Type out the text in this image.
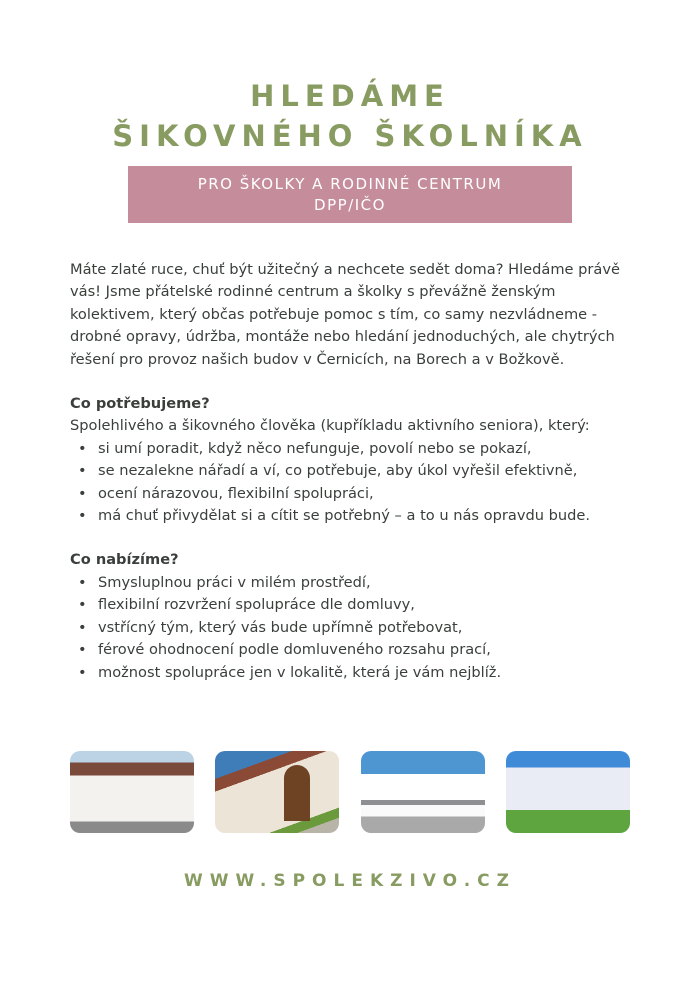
HLEDÁME
ŠIKOVNÉHO ŠKOLNÍKA
PRO ŠKOLKY A RODINNÉ CENTRUM
DPP/IČO

Máte zlaté ruce, chuť být užitečný a nechcete sedět doma? Hledáme právě vás! Jsme přátelské rodinné centrum a školky s převážně ženským kolektivem, který občas potřebuje pomoc s tím, co samy nezvládneme - drobné opravy, údržba, montáže nebo hledání jednoduchých, ale chytrých řešení pro provoz našich budov v Černicích, na Borech a v Božkově.

Co potřebujeme?

Spolehlivého a šikovného člověka (kupříkladu aktivního seniora), který:

• si umí poradit, když něco nefunguje, povolí nebo se pokazí,
• se nezalekne nářadí a ví, co potřebuje, aby úkol vyřešil efektivně,
• ocení nárazovou, flexibilní spolupráci,
• má chuť přivydělat si a cítit se potřebný – a to u nás opravdu bude.

Co nabízíme?

• Smysluplnou práci v milém prostředí,
• flexibilní rozvržení spolupráce dle domluvy,
• vstřícný tým, který vás bude upřímně potřebovat,
• férové ohodnocení podle domluveného rozsahu prací,
• možnost spolupráce jen v lokalitě, která je vám nejblíž.
WWW.SPOLEKZIVO.CZ
